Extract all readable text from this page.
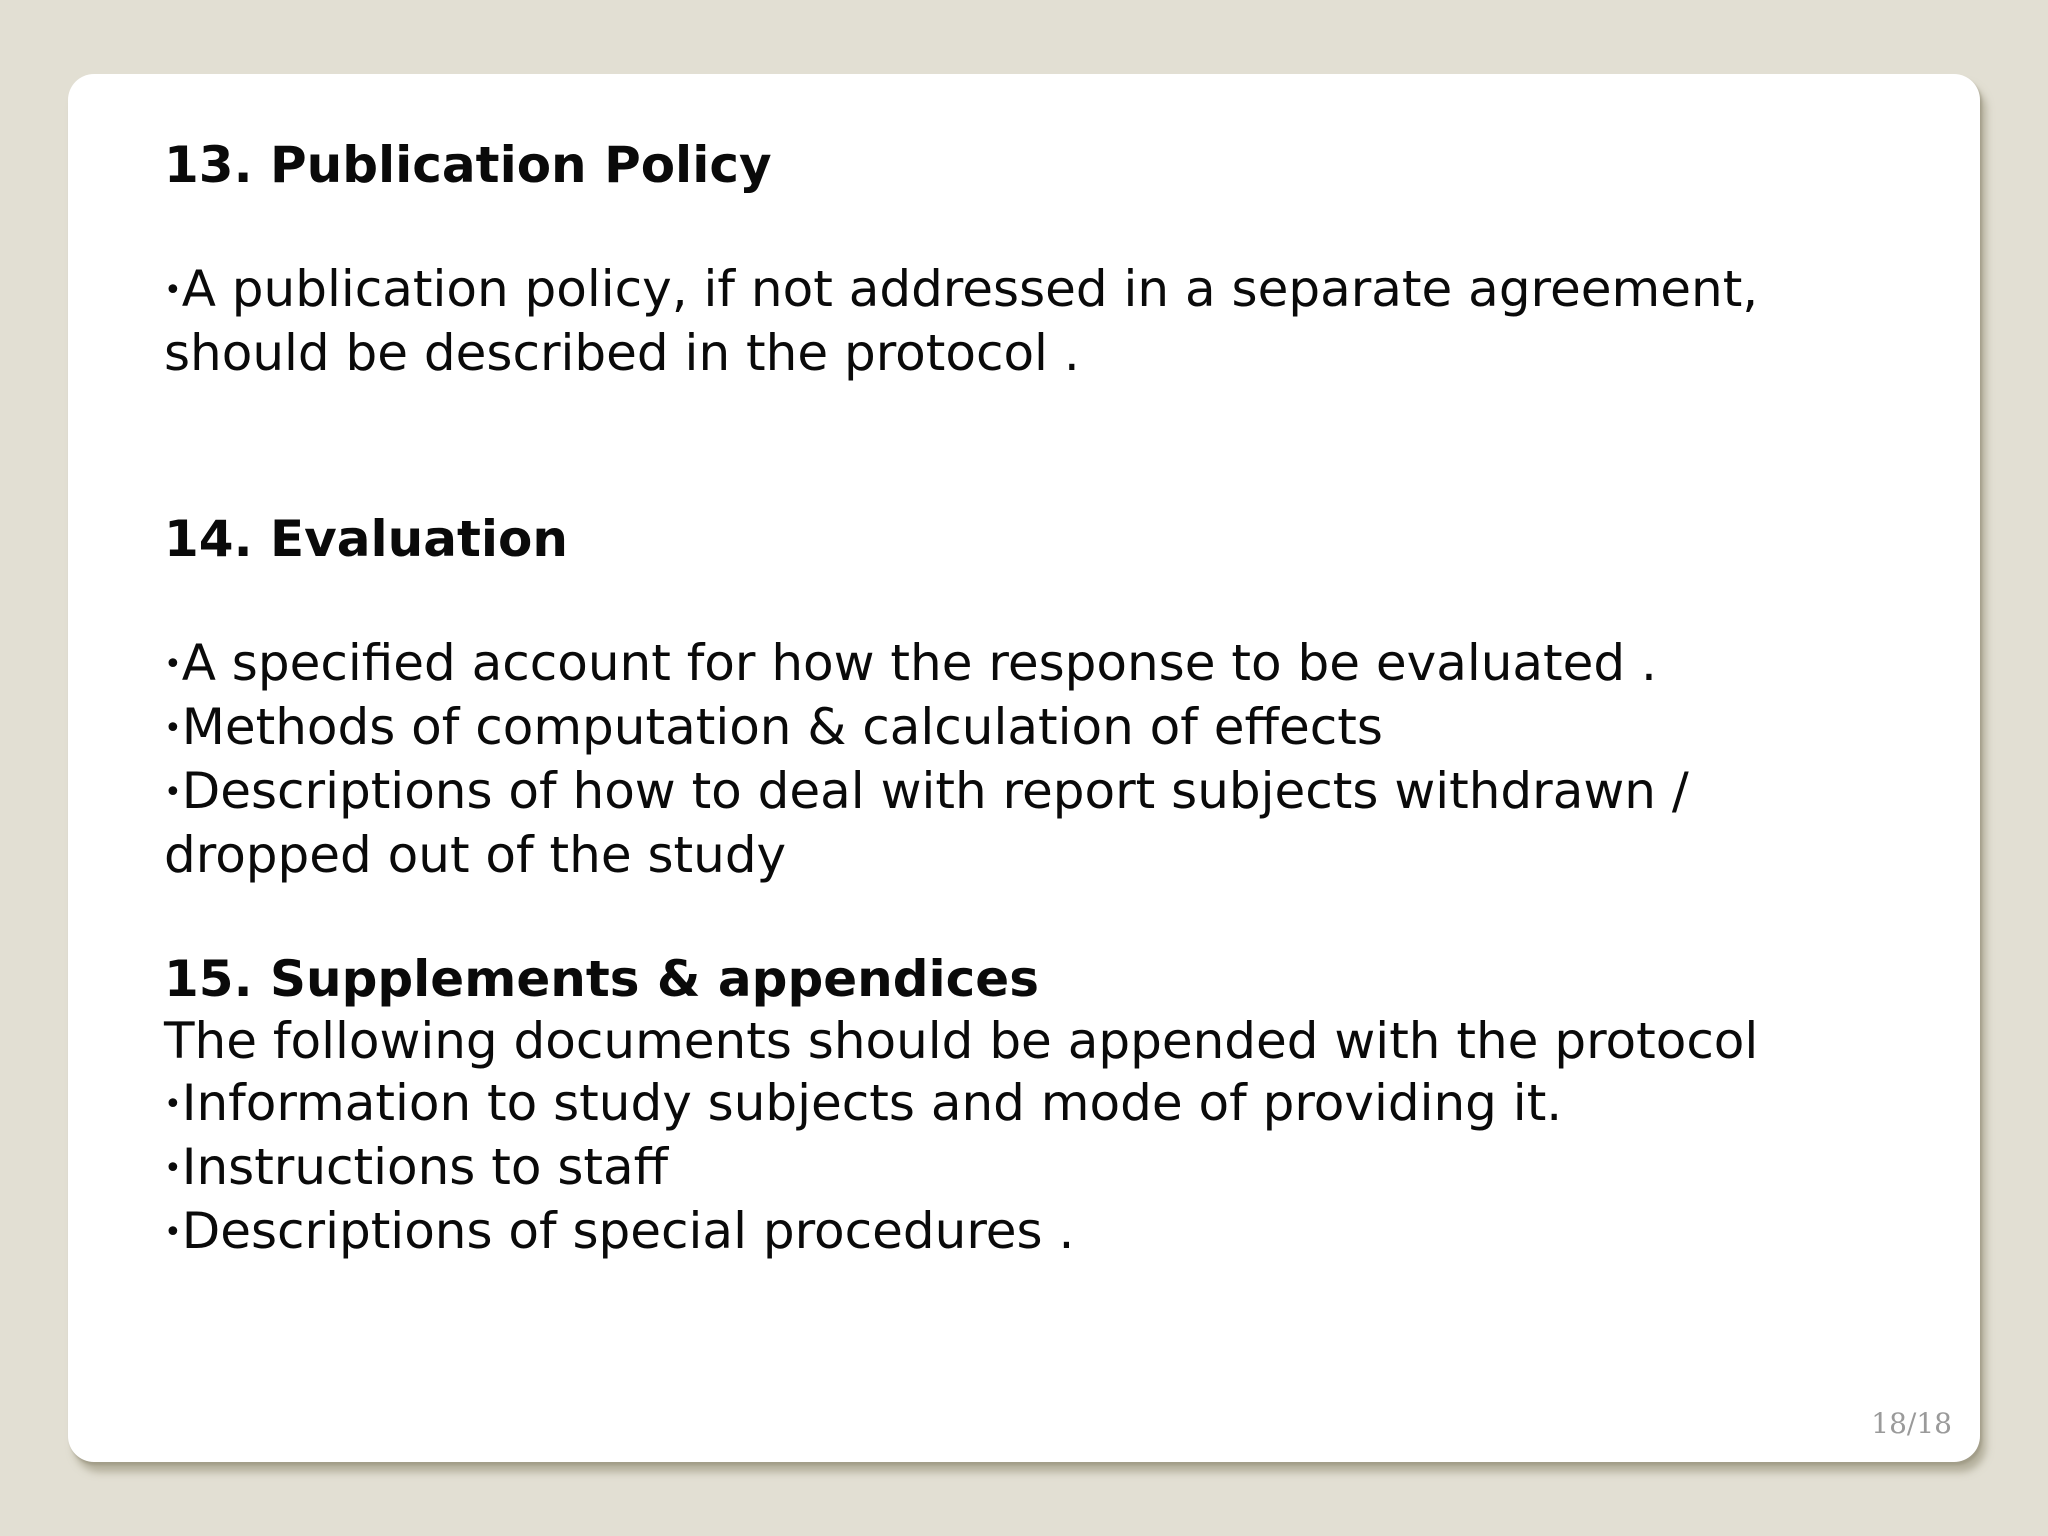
13. Publication Policy

•A publication policy, if not addressed in a separate agreement,

should be described in the protocol .

14. Evaluation

•A specified account for how the response to be evaluated .

•Methods of computation & calculation of effects

•Descriptions of how to deal with report subjects withdrawn /

dropped out of the study

15. Supplements & appendices

The following documents should be appended with the protocol

•Information to study subjects and mode of providing it.

•Instructions to staff

•Descriptions of special procedures .

18/18
